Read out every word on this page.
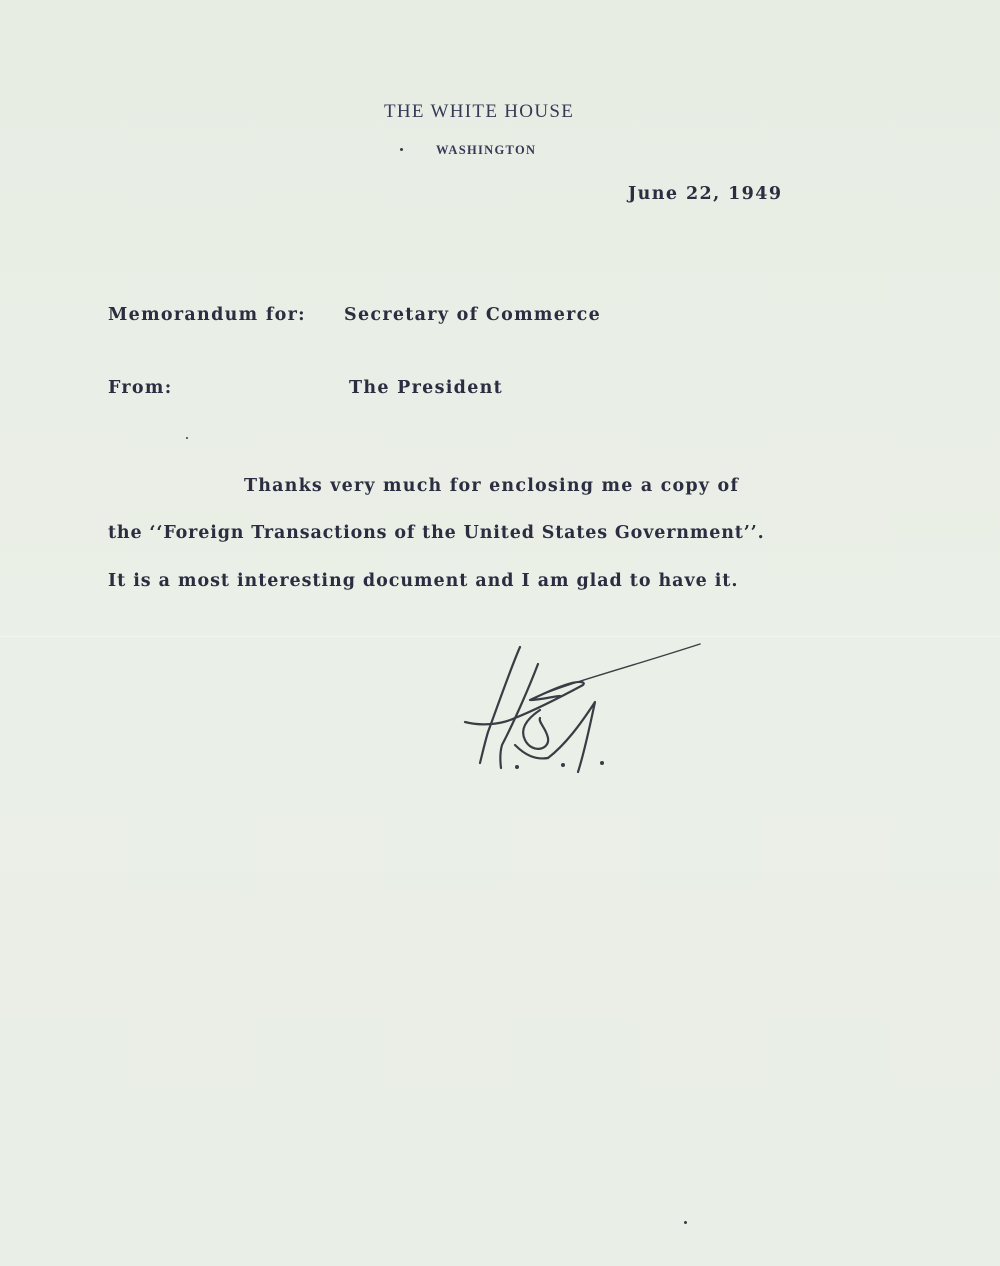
THE WHITE HOUSE
WASHINGTON
June 22, 1949
Memorandum for: Secretary of Commerce
From:	The President
Thanks very much for enclosing me a copy of
the ‘‘Foreign Transactions of the United States Government’’.
It is a most interesting document and I am glad to have it.
